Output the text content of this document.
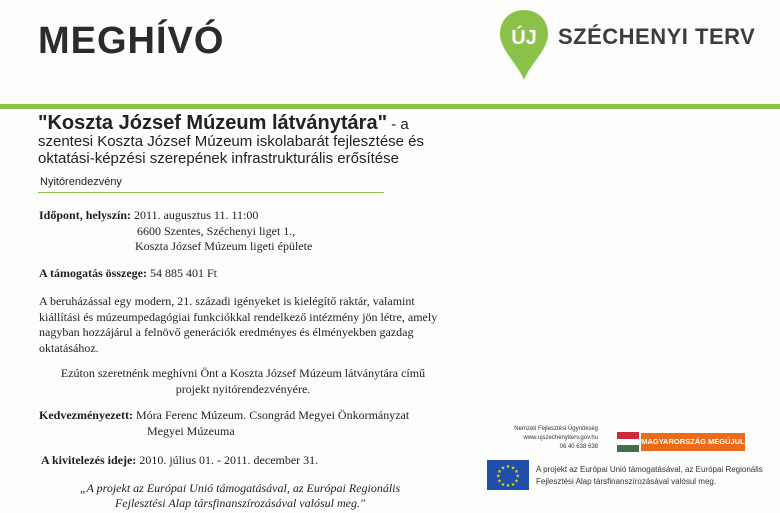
MEGHÍVÓ	ÚJ SZÉCHENYI TERV
"Koszta József Múzeum látványtára" - a szentesi Koszta József Múzeum iskolabarát fejlesztése és oktatási-képzési szerepének infrastrukturális erősítése
Nyitórendezvény
Időpont, helyszín: 2011. augusztus 11. 11:00
6600 Szentes, Széchenyi liget 1.,
Koszta József Múzeum ligeti épülete
A támogatás összege: 54 885 401 Ft
A beruházással egy modern, 21. századi igényeket is kielégítő raktár, valamint kiállítási és múzeumpedagógiai funkciókkal rendelkező intézmény jön létre, amely nagyban hozzájárul a felnövő generációk eredményes és élményekben gazdag oktatásához.
Ezúton szeretnénk meghívni Önt a Koszta József Múzeum látványtára című projekt nyitórendezvényére.
Kedvezményezett: Móra Ferenc Múzeum. Csongrád Megyei Önkormányzat
Megyei Múzeuma
A kivitelezés ideje: 2010. július 01. - 2011. december 31.
„A projekt az Európai Unió támogatásával, az Európai Regionális Fejlesztési Alap társfinanszírozásával valósul meg."
Nemzeti Fejlesztési Ügynökség
www.ujszechenyiterv.gov.hu
06 40 638 638
MAGYARORSZÁG MEGÚJUL
★ ★
★
★
★
★
★
★
★
★
★
★	A projekt az Európai Unió támogatásával, az Európai Regionális Fejlesztési Alap társfinanszírozásával valósul meg.
